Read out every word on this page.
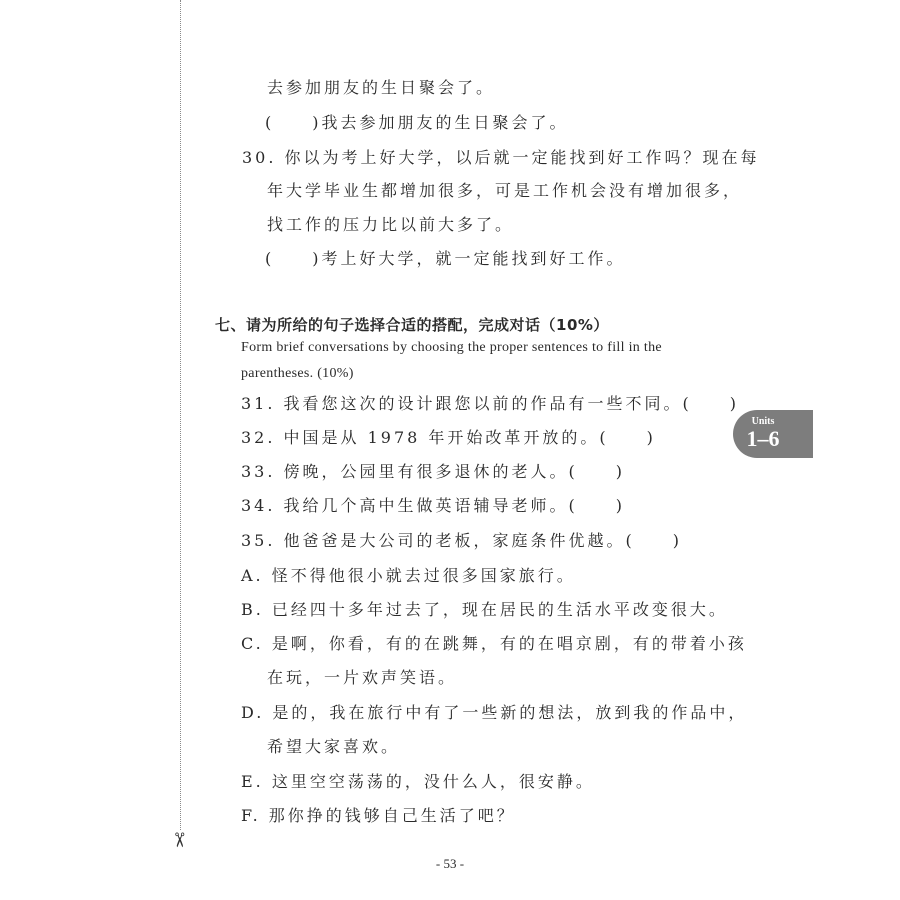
✂
去参加朋友的生日聚会了。
(　　)我去参加朋友的生日聚会了。
30. 你以为考上好大学，以后就一定能找到好工作吗？现在每
年大学毕业生都增加很多，可是工作机会没有增加很多，
找工作的压力比以前大多了。
(　　)考上好大学，就一定能找到好工作。
七、请为所给的句子选择合适的搭配，完成对话（10%）
Form brief conversations by choosing the proper sentences to fill in the
parentheses. (10%)
31. 我看您这次的设计跟您以前的作品有一些不同。(　　)
32. 中国是从 1978 年开始改革开放的。(　　)
33. 傍晚，公园里有很多退休的老人。(　　)
34. 我给几个高中生做英语辅导老师。(　　)
35. 他爸爸是大公司的老板，家庭条件优越。(　　)
A. 怪不得他很小就去过很多国家旅行。
B. 已经四十多年过去了，现在居民的生活水平改变很大。
C. 是啊，你看，有的在跳舞，有的在唱京剧，有的带着小孩
在玩，一片欢声笑语。
D. 是的，我在旅行中有了一些新的想法，放到我的作品中，
希望大家喜欢。
E. 这里空空荡荡的，没什么人，很安静。
F. 那你挣的钱够自己生活了吧？
Units
1–6
- 53 -
